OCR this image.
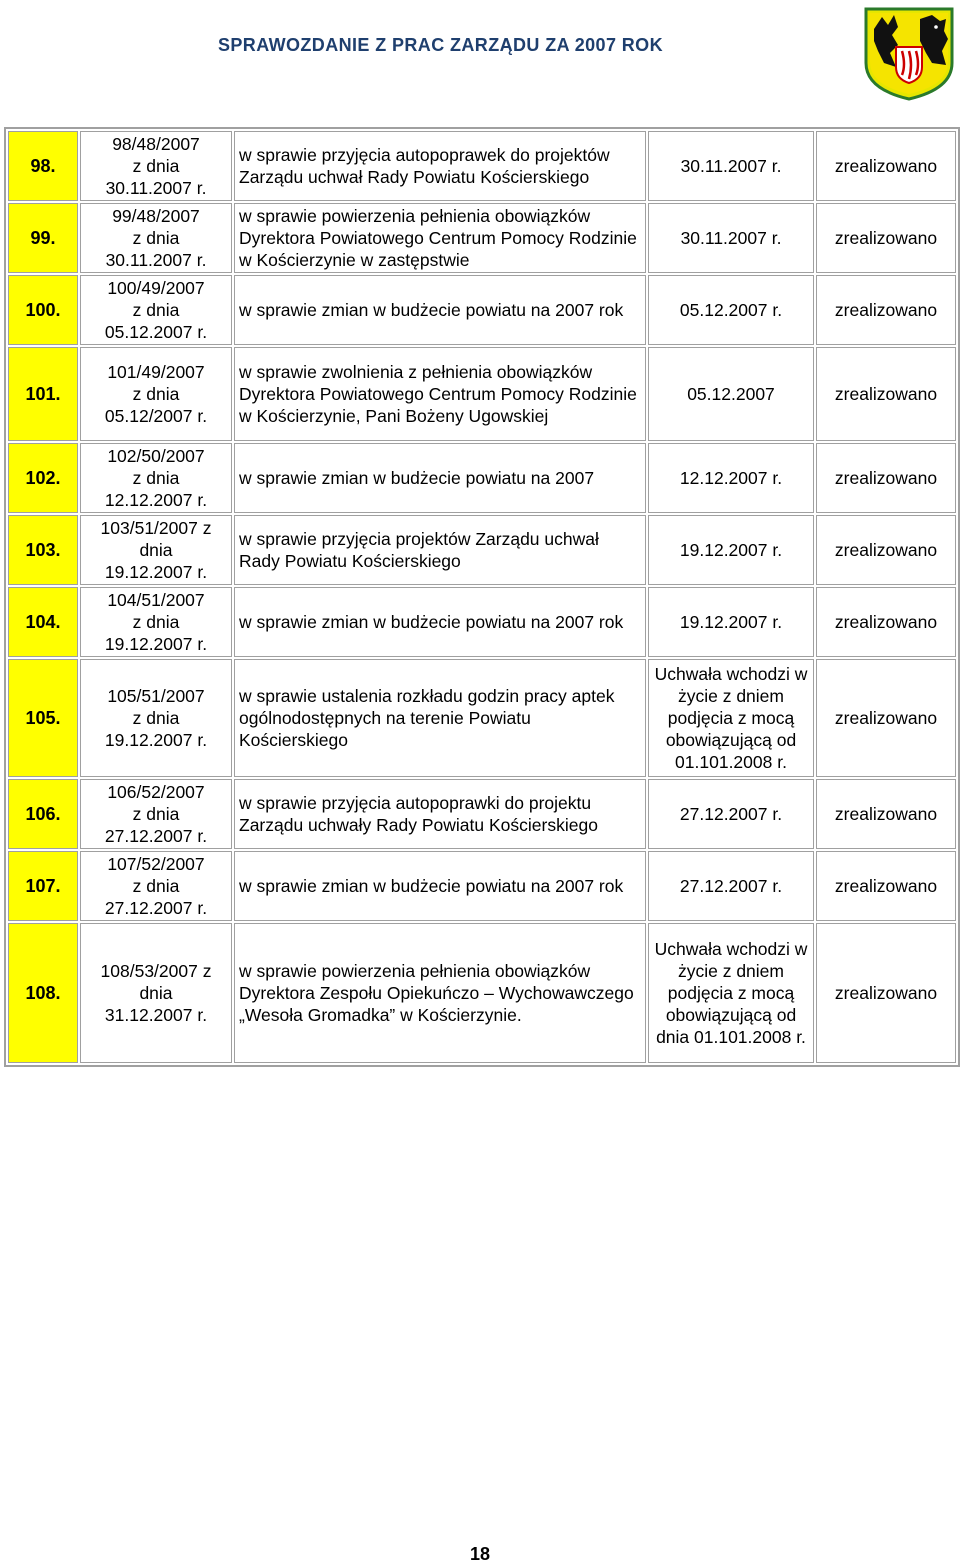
SPRAWOZDANIE Z PRAC ZARZĄDU ZA 2007 ROK
98.	98/48/2007
z dnia
30.11.2007 r.	w sprawie przyjęcia autopoprawek do projektów Zarządu uchwał Rady Powiatu Kościerskiego	30.11.2007 r.	zrealizowano
99.	99/48/2007
z dnia
30.11.2007 r.	w sprawie powierzenia pełnienia obowiązków Dyrektora Powiatowego Centrum Pomocy Rodzinie w Kościerzynie w zastępstwie	30.11.2007 r.	zrealizowano
100.	100/49/2007
z dnia
05.12.2007 r.	w sprawie zmian w budżecie powiatu na 2007 rok	05.12.2007 r.	zrealizowano
101.	101/49/2007
z dnia
05.12/2007 r.	w sprawie zwolnienia z pełnienia obowiązków Dyrektora Powiatowego Centrum Pomocy Rodzinie w Kościerzynie, Pani Bożeny Ugowskiej	05.12.2007	zrealizowano
102.	102/50/2007
z dnia
12.12.2007 r.	w sprawie zmian w budżecie powiatu na 2007	12.12.2007 r.	zrealizowano
103.	103/51/2007 z
dnia
19.12.2007 r.	w sprawie przyjęcia projektów Zarządu uchwał Rady Powiatu Kościerskiego	19.12.2007 r.	zrealizowano
104.	104/51/2007
z dnia
19.12.2007 r.	w sprawie zmian w budżecie powiatu na 2007 rok	19.12.2007 r.	zrealizowano
105.	105/51/2007
z dnia
19.12.2007 r.	w sprawie ustalenia rozkładu godzin pracy aptek ogólnodostępnych na terenie Powiatu Kościerskiego	Uchwała wchodzi w życie z dniem podjęcia z mocą obowiązującą od 01.101.2008 r.	zrealizowano
106.	106/52/2007
z dnia
27.12.2007 r.	w sprawie przyjęcia autopoprawki do projektu Zarządu uchwały Rady Powiatu Kościerskiego	27.12.2007 r.	zrealizowano
107.	107/52/2007
z dnia
27.12.2007 r.	w sprawie zmian w budżecie powiatu na 2007 rok	27.12.2007 r.	zrealizowano
108.	108/53/2007 z
dnia
31.12.2007 r.	w sprawie powierzenia pełnienia obowiązków Dyrektora Zespołu Opiekuńczo – Wychowawczego „Wesoła Gromadka” w Kościerzynie.	Uchwała wchodzi w życie z dniem podjęcia z mocą obowiązującą od dnia 01.101.2008 r.	zrealizowano
18
